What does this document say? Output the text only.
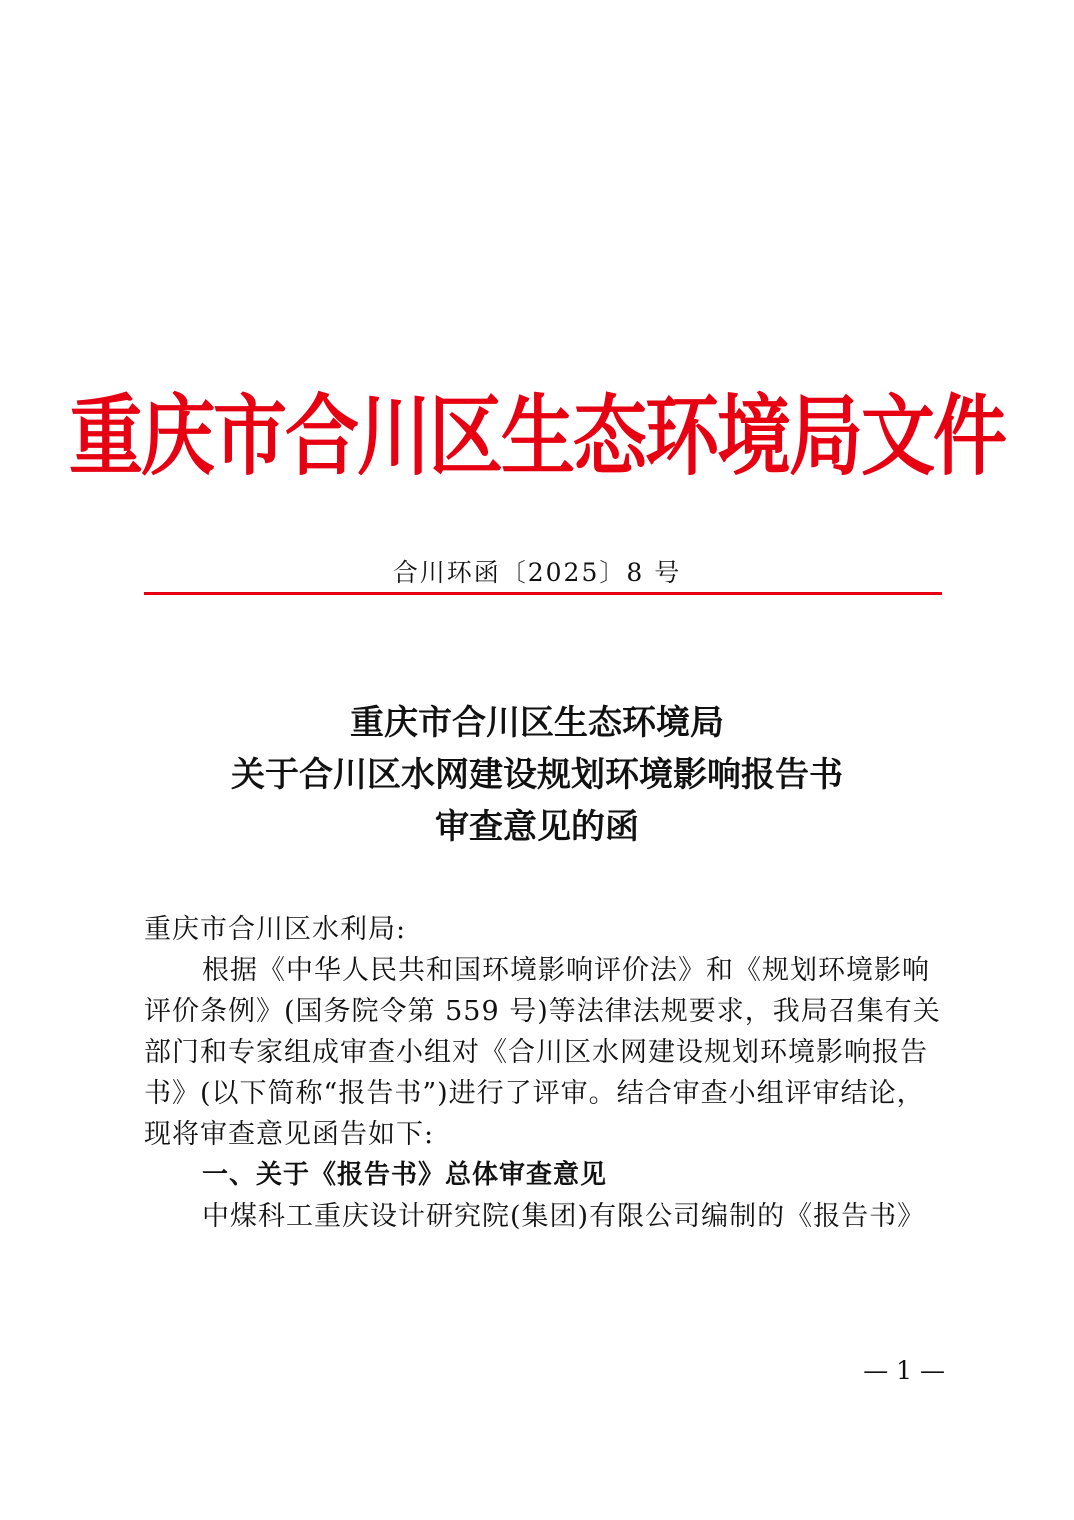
重庆市合川区生态环境局文件
合川环函〔2025〕8 号
重庆市合川区生态环境局
关于合川区水网建设规划环境影响报告书
审查意见的函
重庆市合川区水利局:
根据《中华人民共和国环境影响评价法》和《规划环境影响
评价条例》(国务院令第 559 号)等法律法规要求，我局召集有关
部门和专家组成审查小组对《合川区水网建设规划环境影响报告
书》(以下简称“报告书”)进行了评审。结合审查小组评审结论，
现将审查意见函告如下:
一、关于《报告书》总体审查意见
中煤科工重庆设计研究院(集团)有限公司编制的《报告书》
— 1 —
